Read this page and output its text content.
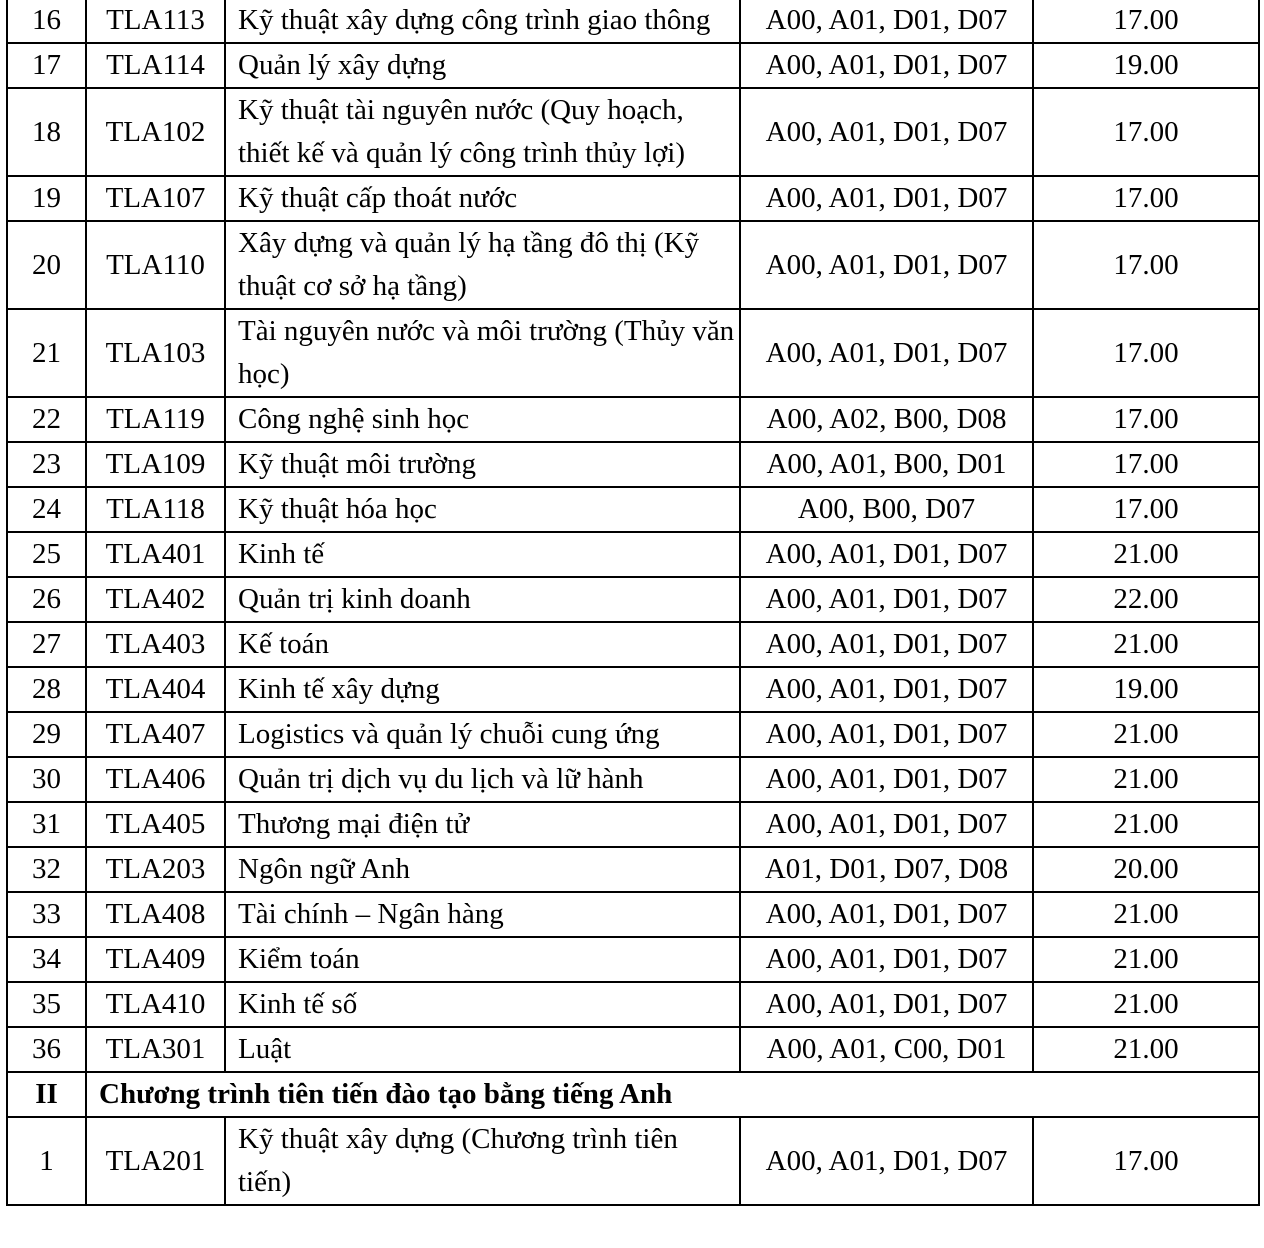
16	TLA113	Kỹ thuật xây dựng công trình giao thông	A00, A01, D01, D07	17.00
17	TLA114	Quản lý xây dựng	A00, A01, D01, D07	19.00
18	TLA102	Kỹ thuật tài nguyên nước (Quy hoạch, thiết kế và quản lý công trình thủy lợi)	A00, A01, D01, D07	17.00
19	TLA107	Kỹ thuật cấp thoát nước	A00, A01, D01, D07	17.00
20	TLA110	Xây dựng và quản lý hạ tầng đô thị (Kỹ thuật cơ sở hạ tầng)	A00, A01, D01, D07	17.00
21	TLA103	Tài nguyên nước và môi trường (Thủy văn học)	A00, A01, D01, D07	17.00
22	TLA119	Công nghệ sinh học	A00, A02, B00, D08	17.00
23	TLA109	Kỹ thuật môi trường	A00, A01, B00, D01	17.00
24	TLA118	Kỹ thuật hóa học	A00, B00, D07	17.00
25	TLA401	Kinh tế	A00, A01, D01, D07	21.00
26	TLA402	Quản trị kinh doanh	A00, A01, D01, D07	22.00
27	TLA403	Kế toán	A00, A01, D01, D07	21.00
28	TLA404	Kinh tế xây dựng	A00, A01, D01, D07	19.00
29	TLA407	Logistics và quản lý chuỗi cung ứng	A00, A01, D01, D07	21.00
30	TLA406	Quản trị dịch vụ du lịch và lữ hành	A00, A01, D01, D07	21.00
31	TLA405	Thương mại điện tử	A00, A01, D01, D07	21.00
32	TLA203	Ngôn ngữ Anh	A01, D01, D07, D08	20.00
33	TLA408	Tài chính – Ngân hàng	A00, A01, D01, D07	21.00
34	TLA409	Kiểm toán	A00, A01, D01, D07	21.00
35	TLA410	Kinh tế số	A00, A01, D01, D07	21.00
36	TLA301	Luật	A00, A01, C00, D01	21.00
II	Chương trình tiên tiến đào tạo bằng tiếng Anh			
1	TLA201	Kỹ thuật xây dựng (Chương trình tiên tiến)	A00, A01, D01, D07	17.00
